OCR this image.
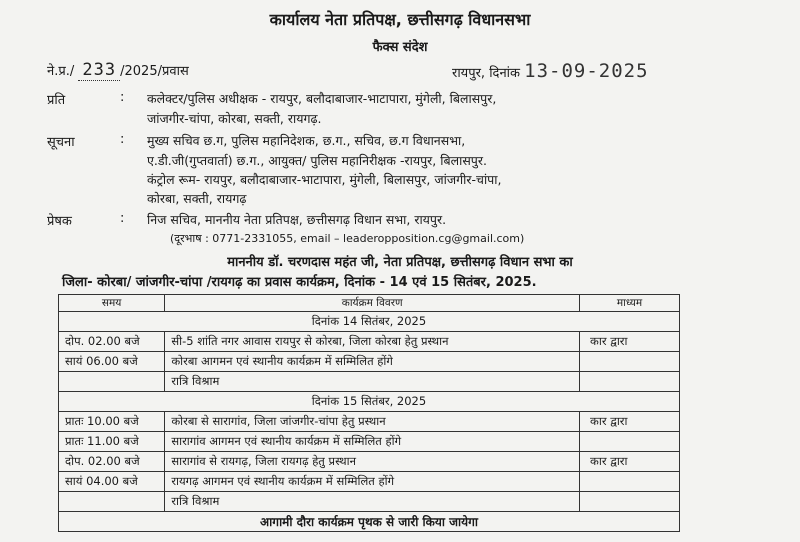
कार्यालय नेता प्रतिपक्ष, छत्तीसगढ़ विधानसभा
फैक्स संदेश
ने.प्र./ 233 /2025/प्रवास	रायपुर, दिनांक 13-09-2025
प्रति	: कलेक्टर/पुलिस अधीक्षक - रायपुर, बलौदाबाजार-भाटापारा, मुंगेली, बिलासपुर,
जांजगीर-चांपा, कोरबा, सक्ती, रायगढ़.
सूचना	: मुख्य सचिव छ.ग, पुलिस महानिदेशक, छ.ग., सचिव, छ.ग विधानसभा,
ए.डी.जी(गुप्तवार्ता) छ.ग., आयुक्त/ पुलिस महानिरीक्षक -रायपुर, बिलासपुर.
कंट्रोल रूम- रायपुर, बलौदाबाजार-भाटापारा, मुंगेली, बिलासपुर, जांजगीर-चांपा,
कोरबा, सक्ती, रायगढ़
प्रेषक	: निज सचिव, माननीय नेता प्रतिपक्ष, छत्तीसगढ़ विधान सभा, रायपुर.
(दूरभाष : 0771-2331055, email – leaderopposition.cg@gmail.com)
माननीय डॉ. चरणदास महंत जी, नेता प्रतिपक्ष, छत्तीसगढ़ विधान सभा का
जिला- कोरबा/ जांजगीर-चांपा /रायगढ़ का प्रवास कार्यक्रम, दिनांक - 14 एवं 15 सितंबर, 2025.
समय	कार्यक्रम विवरण	माध्यम
दिनांक 14 सितंबर, 2025		
दोप. 02.00 बजे	सी-5 शांति नगर आवास रायपुर से कोरबा, जिला कोरबा हेतु प्रस्थान	कार द्वारा
सायं 06.00 बजे	कोरबा आगमन एवं स्थानीय कार्यक्रम में सम्मिलित होंगे	
	रात्रि विश्राम	
दिनांक 15 सितंबर, 2025		
प्रातः 10.00 बजे	कोरबा से सारागांव, जिला जांजगीर-चांपा हेतु प्रस्थान	कार द्वारा
प्रातः 11.00 बजे	सारागांव आगमन एवं स्थानीय कार्यक्रम में सम्मिलित होंगे	
दोप. 02.00 बजे	सारागांव से रायगढ़, जिला रायगढ़ हेतु प्रस्थान	कार द्वारा
सायं 04.00 बजे	रायगढ़ आगमन एवं स्थानीय कार्यक्रम में सम्मिलित होंगे	
	रात्रि विश्राम	
आगामी दौरा कार्यक्रम पृथक से जारी किया जायेगा		
